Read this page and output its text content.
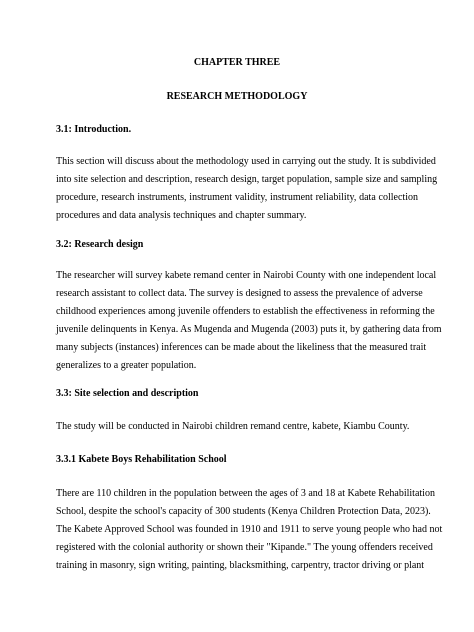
CHAPTER THREE
RESEARCH METHODOLOGY
3.1: Introduction.
This section will discuss about the methodology used in carrying out the study. It is subdivided
into site selection and description, research design, target population, sample size and sampling
procedure, research instruments, instrument validity, instrument reliability, data collection
procedures and data analysis techniques and chapter summary.
3.2: Research design
The researcher will survey kabete remand center in Nairobi County with one independent local
research assistant to collect data. The survey is designed to assess the prevalence of adverse
childhood experiences among juvenile offenders to establish the effectiveness in reforming the
juvenile delinquents in Kenya. As Mugenda and Mugenda (2003) puts it, by gathering data from
many subjects (instances) inferences can be made about the likeliness that the measured trait
generalizes to a greater population.
3.3: Site selection and description
The study will be conducted in Nairobi children remand centre, kabete, Kiambu County.
3.3.1 Kabete Boys Rehabilitation School
There are 110 children in the population between the ages of 3 and 18 at Kabete Rehabilitation
School, despite the school's capacity of 300 students (Kenya Children Protection Data, 2023).
The Kabete Approved School was founded in 1910 and 1911 to serve young people who had not
registered with the colonial authority or shown their "Kipande." The young offenders received
training in masonry, sign writing, painting, blacksmithing, carpentry, tractor driving or plant
